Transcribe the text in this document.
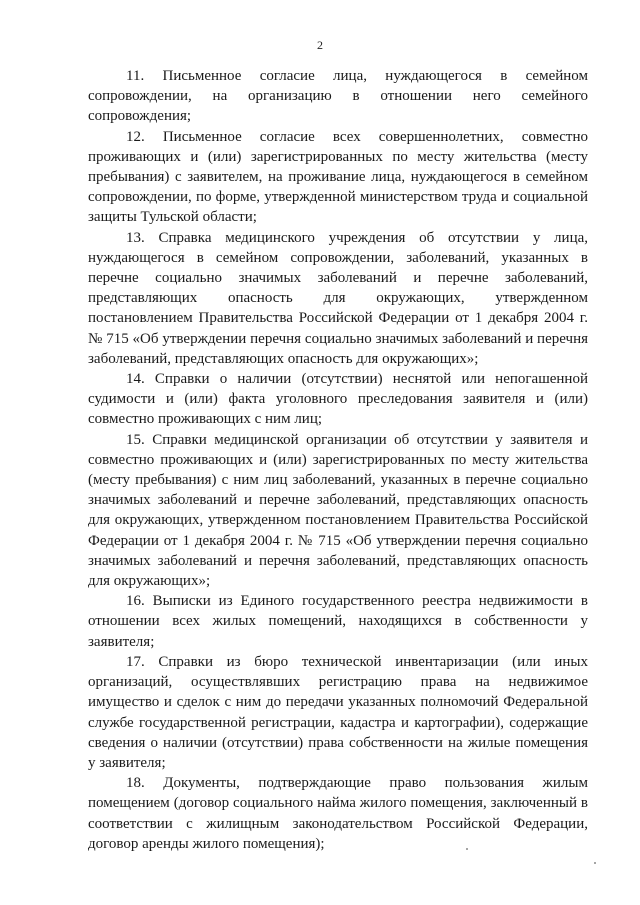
2

11. Письменное согласие лица, нуждающегося в семейном сопровождении, на организацию в отношении него семейного сопровождения;

12. Письменное согласие всех совершеннолетних, совместно проживающих и (или) зарегистрированных по месту жительства (месту пребывания) с заявителем, на проживание лица, нуждающегося в семейном сопровождении, по форме, утвержденной министерством труда и социальной защиты Тульской области;

13. Справка медицинского учреждения об отсутствии у лица, нуждающегося в семейном сопровождении, заболеваний, указанных в перечне социально значимых заболеваний и перечне заболеваний, представляющих опасность для окружающих, утвержденном постановлением Правительства Российской Федерации от 1 декабря 2004 г. № 715 «Об утверждении перечня социально значимых заболеваний и перечня заболеваний, представляющих опасность для окружающих»;

14. Справки о наличии (отсутствии) неснятой или непогашенной судимости и (или) факта уголовного преследования заявителя и (или) совместно проживающих с ним лиц;

15. Справки медицинской организации об отсутствии у заявителя и совместно проживающих и (или) зарегистрированных по месту жительства (месту пребывания) с ним лиц заболеваний, указанных в перечне социально значимых заболеваний и перечне заболеваний, представляющих опасность для окружающих, утвержденном постановлением Правительства Российской Федерации от 1 декабря 2004 г. № 715 «Об утверждении перечня социально значимых заболеваний и перечня заболеваний, представляющих опасность для окружающих»;

16. Выписки из Единого государственного реестра недвижимости в отношении всех жилых помещений, находящихся в собственности у заявителя;

17. Справки из бюро технической инвентаризации (или иных организаций, осуществлявших регистрацию права на недвижимое имущество и сделок с ним до передачи указанных полномочий Федеральной службе государственной регистрации, кадастра и картографии), содержащие сведения о наличии (отсутствии) права собственности на жилые помещения у заявителя;

18. Документы, подтверждающие право пользования жилым помещением (договор социального найма жилого помещения, заключенный в соответствии с жилищным законодательством Российской Федерации, договор аренды жилого помещения);
